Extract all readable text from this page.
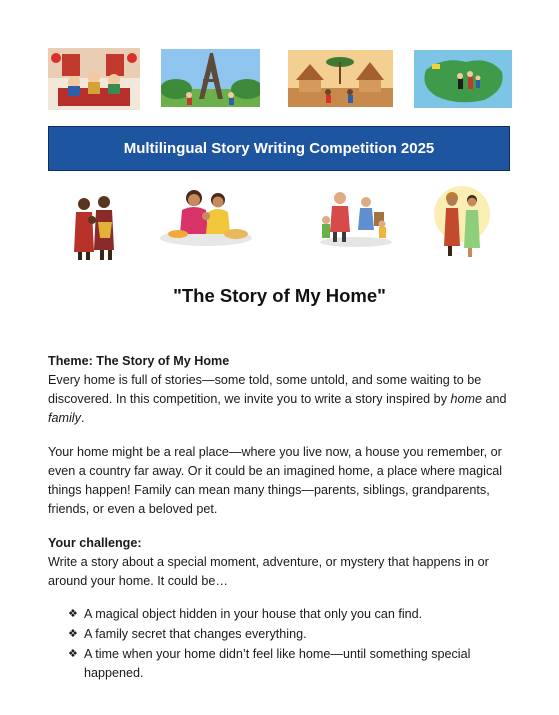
Multilingual Story Writing Competition 2025
"The Story of My Home"

Theme: The Story of My Home

Every home is full of stories—some told, some untold, and some waiting to be discovered. In this competition, we invite you to write a story inspired by home and family.

Your home might be a real place—where you live now, a house you remember, or even a country far away. Or it could be an imagined home, a place where magical things happen! Family can mean many things—parents, siblings, grandparents, friends, or even a beloved pet.

Your challenge:

Write a story about a special moment, adventure, or mystery that happens in or around your home. It could be…

❖ A magical object hidden in your house that only you can find.
❖ A family secret that changes everything.
❖ A time when your home didn’t feel like home—until something special happened.
